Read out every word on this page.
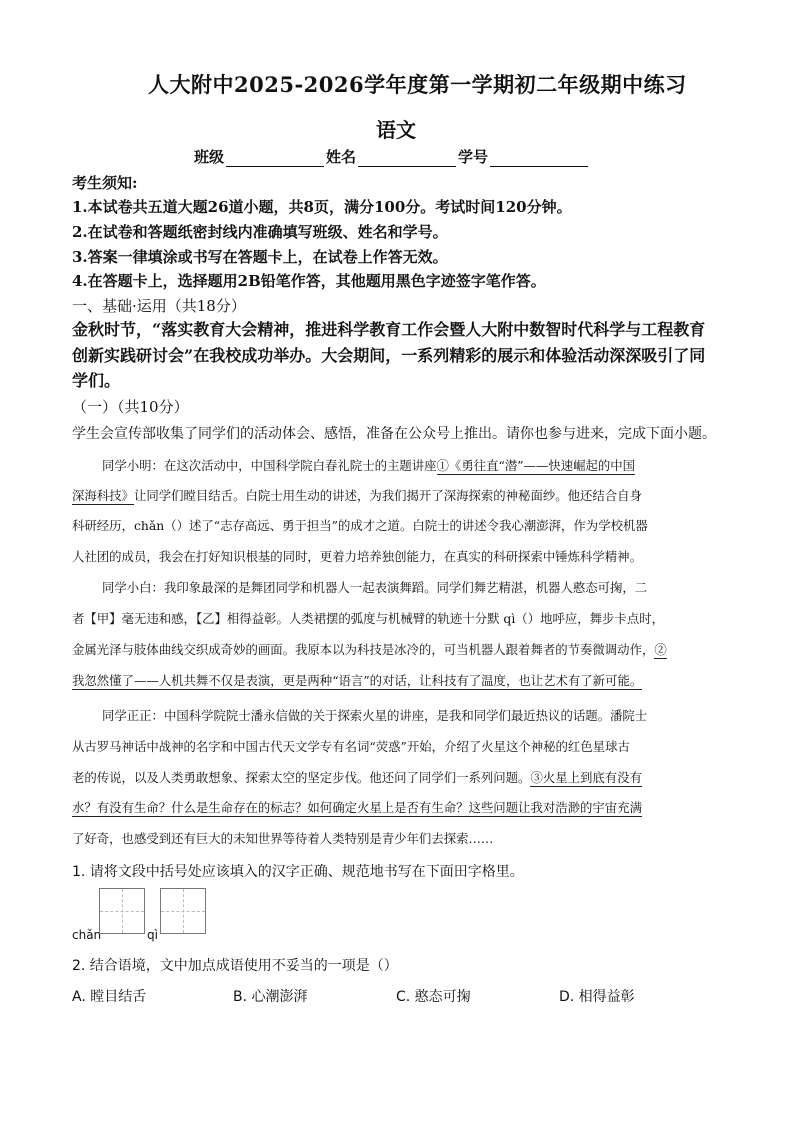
人大附中2025-2026学年度第一学期初二年级期中练习
语文
班级	姓名	学号
考生须知:
1.本试卷共五道大题26道小题，共8页，满分100分。考试时间120分钟。
2.在试卷和答题纸密封线内准确填写班级、姓名和学号。
3.答案一律填涂或书写在答题卡上，在试卷上作答无效。
4.在答题卡上，选择题用2B铅笔作答，其他题用黑色字迹签字笔作答。
一、基础·运用（共18分）
金秋时节，“落实教育大会精神，推进科学教育工作会暨人大附中数智时代科学与工程教育
创新实践研讨会”在我校成功举办。大会期间，一系列精彩的展示和体验活动深深吸引了同
学们。
（一）（共10分）
学生会宣传部收集了同学们的活动体会、感悟，准备在公众号上推出。请你也参与进来，完成下面小题。
同学小明：在这次活动中，中国科学院白春礼院士的主题讲座①《勇往直“潜”——快速崛起的中国
深海科技》让同学们瞠目结舌。白院士用生动的讲述，为我们揭开了深海探索的神秘面纱。他还结合自身
科研经历，chǎn（）述了“志存高远、勇于担当”的成才之道。白院士的讲述令我心潮澎湃，作为学校机器
人社团的成员，我会在打好知识根基的同时，更着力培养独创能力，在真实的科研探索中锤炼科学精神。
同学小白：我印象最深的是舞团同学和机器人一起表演舞蹈。同学们舞艺精湛，机器人憨态可掬，二
者【甲】毫无违和感，【乙】相得益彰。人类裙摆的弧度与机械臂的轨迹十分默 qì（）地呼应，舞步卡点时，
金属光泽与肢体曲线交织成奇妙的画面。我原本以为科技是冰冷的，可当机器人跟着舞者的节奏微调动作，②
我忽然懂了——人机共舞不仅是表演，更是两种“语言”的对话，让科技有了温度，也让艺术有了新可能。
同学正正：中国科学院院士潘永信做的关于探索火星的讲座，是我和同学们最近热议的话题。潘院士
从古罗马神话中战神的名字和中国古代天文学专有名词“荧惑”开始，介绍了火星这个神秘的红色星球古
老的传说，以及人类勇敢想象、探索太空的坚定步伐。他还问了同学们一系列问题。③火星上到底有没有
水？有没有生命？什么是生命存在的标志？如何确定火星上是否有生命？这些问题让我对浩渺的宇宙充满
了好奇，也感受到还有巨大的未知世界等待着人类特别是青少年们去探索……
1. 请将文段中括号处应该填入的汉字正确、规范地书写在下面田字格里。
chǎn	qì
2. 结合语境，文中加点成语使用不妥当的一项是（）
A. 瞠目结舌	B. 心潮澎湃	C. 憨态可掬	D. 相得益彰
